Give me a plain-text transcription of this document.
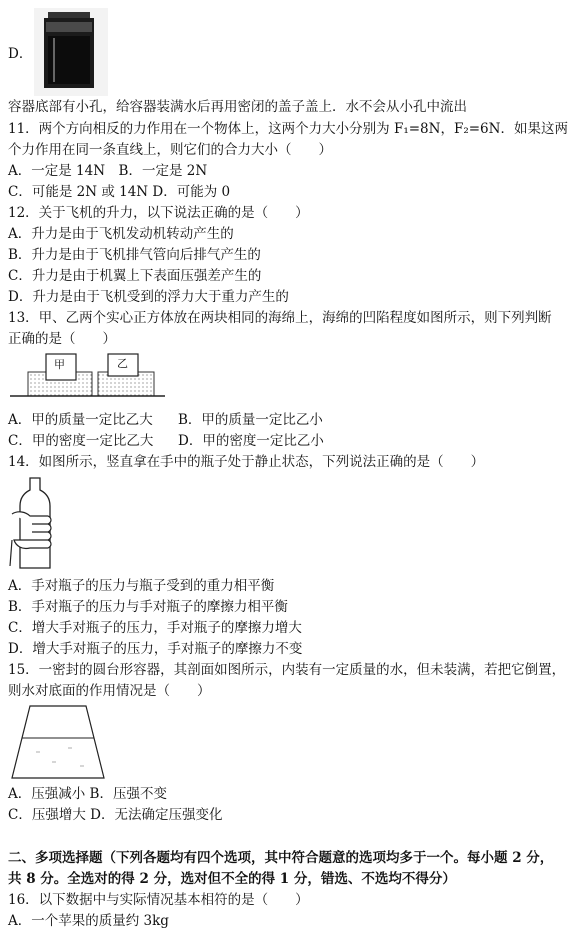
D．
容器底部有小孔，给容器装满水后再用密闭的盖子盖上．水不会从小孔中流出
11．两个方向相反的力作用在一个物体上，这两个力大小分别为 F₁=8N，F₂=6N．如果这两
个力作用在同一条直线上，则它们的合力大小（　　）
A．一定是 14N　B．一定是 2N
C．可能是 2N 或 14N D．可能为 0
12．关于飞机的升力，以下说法正确的是（　　）
A．升力是由于飞机发动机转动产生的
B．升力是由于飞机排气管向后排气产生的
C．升力是由于机翼上下表面压强差产生的
D．升力是由于飞机受到的浮力大于重力产生的
13．甲、乙两个实心正方体放在两块相同的海绵上，海绵的凹陷程度如图所示，则下列判断
正确的是（　　）
甲	乙
A．甲的质量一定比乙大 B．甲的质量一定比乙小
C．甲的密度一定比乙大 D．甲的密度一定比乙小
14．如图所示，竖直拿在手中的瓶子处于静止状态，下列说法正确的是（　　）
A．手对瓶子的压力与瓶子受到的重力相平衡
B．手对瓶子的压力与手对瓶子的摩擦力相平衡
C．增大手对瓶子的压力，手对瓶子的摩擦力增大
D．增大手对瓶子的压力，手对瓶子的摩擦力不变
15．一密封的圆台形容器，其剖面如图所示，内装有一定质量的水，但未装满，若把它倒置，
则水对底面的作用情况是（　　）
A．压强减小 B．压强不变
C．压强增大 D．无法确定压强变化
二、多项选择题（下列各题均有四个选项，其中符合题意的选项均多于一个。每小题 2 分，
共 8 分。全选对的得 2 分，选对但不全的得 1 分，错选、不选均不得分）
16．以下数据中与实际情况基本相符的是（　　）
A．一个苹果的质量约 3kg
